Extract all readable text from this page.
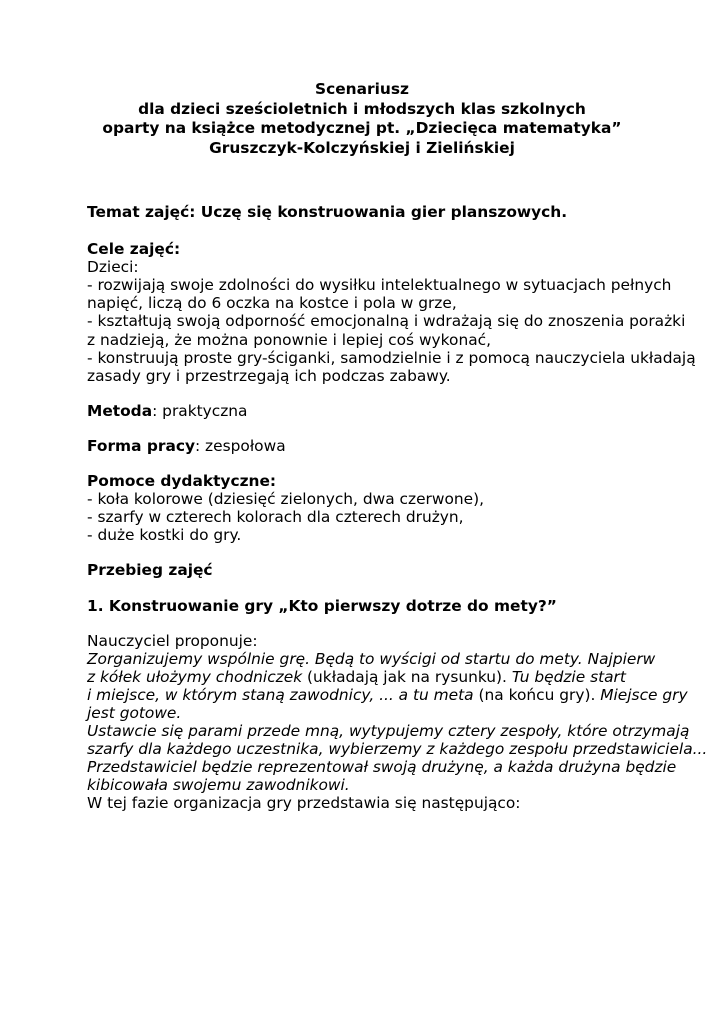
Scenariusz
dla dzieci sześcioletnich i młodszych klas szkolnych
oparty na książce metodycznej pt. „Dziecięca matematyka”
Gruszczyk-Kolczyńskiej i Zielińskiej
Temat zajęć: Uczę się konstruowania gier planszowych.
Cele zajęć:
Dzieci:
- rozwijają swoje zdolności do wysiłku intelektualnego w sytuacjach pełnych
napięć, liczą do 6 oczka na kostce i pola w grze,
- kształtują swoją odporność emocjonalną i wdrażają się do znoszenia porażki
z nadzieją, że można ponownie i lepiej coś wykonać,
- konstruują proste gry-ściganki, samodzielnie i z pomocą nauczyciela układają
zasady gry i przestrzegają ich podczas zabawy.
Metoda: praktyczna
Forma pracy: zespołowa
Pomoce dydaktyczne:
- koła kolorowe (dziesięć zielonych, dwa czerwone),
- szarfy w czterech kolorach dla czterech drużyn,
- duże kostki do gry.
Przebieg zajęć
1. Konstruowanie gry „Kto pierwszy dotrze do mety?”
Nauczyciel proponuje:
Zorganizujemy wspólnie grę. Będą to wyścigi od startu do mety. Najpierw
z kółek ułożymy chodniczek (układają jak na rysunku). Tu będzie start
i miejsce, w którym staną zawodnicy, ... a tu meta (na końcu gry). Miejsce gry
jest gotowe.
Ustawcie się parami przede mną, wytypujemy cztery zespoły, które otrzymają
szarfy dla każdego uczestnika, wybierzemy z każdego zespołu przedstawiciela...
Przedstawiciel będzie reprezentował swoją drużynę, a każda drużyna będzie
kibicowała swojemu zawodnikowi.
W tej fazie organizacja gry przedstawia się następująco:
